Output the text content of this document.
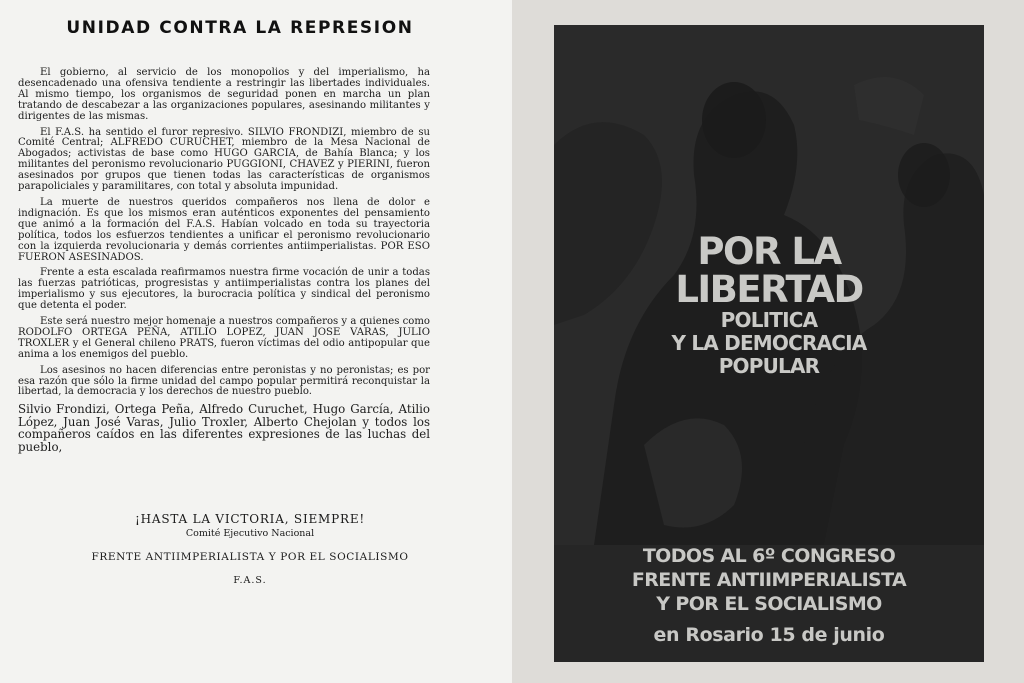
UNIDAD CONTRA LA REPRESION

El gobierno, al servicio de los monopolios y del imperialismo, ha desencadenado una ofensiva tendiente a restringir las libertades individuales. Al mismo tiempo, los organismos de seguridad ponen en marcha un plan tratando de descabezar a las organizaciones populares, asesinando militantes y dirigentes de las mismas.

El F.A.S. ha sentido el furor represivo. SILVIO FRONDIZI, miembro de su Comité Central; ALFREDO CURUCHET, miembro de la Mesa Nacional de Abogados; activistas de base como HUGO GARCIA, de Bahía Blanca; y los militantes del peronismo revolucionario PUGGIONI, CHAVEZ y PIERINI, fueron asesinados por grupos que tienen todas las características de organismos parapoliciales y paramilitares, con total y absoluta impunidad.

La muerte de nuestros queridos compañeros nos llena de dolor e indignación. Es que los mismos eran auténticos exponentes del pensamiento que animó a la formación del F.A.S. Habían volcado en toda su trayectoria política, todos los esfuerzos tendientes a unificar el peronismo revolucionario con la izquierda revolucionaria y demás corrientes antiimperialistas. POR ESO FUERON ASESINADOS.

Frente a esta escalada reafirmamos nuestra firme vocación de unir a todas las fuerzas patrióticas, progresistas y antiimperialistas contra los planes del imperialismo y sus ejecutores, la burocracia política y sindical del peronismo que detenta el poder.

Este será nuestro mejor homenaje a nuestros compañeros y a quienes como RODOLFO ORTEGA PEÑA, ATILIO LOPEZ, JUAN JOSE VARAS, JULIO TROXLER y el General chileno PRATS, fueron víctimas del odio antipopular que anima a los enemigos del pueblo.

Los asesinos no hacen diferencias entre peronistas y no peronistas; es por esa razón que sólo la firme unidad del campo popular permitirá reconquistar la libertad, la democracia y los derechos de nuestro pueblo.

Silvio Frondizi, Ortega Peña, Alfredo Curuchet, Hugo García, Atilio López, Juan José Varas, Julio Troxler, Alberto Chejolan y todos los compañeros caídos en las diferentes expresiones de las luchas del pueblo,

¡HASTA LA VICTORIA, SIEMPRE!

Comité Ejecutivo Nacional

FRENTE ANTIIMPERIALISTA Y POR EL SOCIALISMO

F.A.S.

POR LA
LIBERTAD
POLITICA
Y LA DEMOCRACIA
POPULAR
TODOS AL 6º CONGRESO
FRENTE ANTIIMPERIALISTA
Y POR EL SOCIALISMO
en Rosario 15 de junio
